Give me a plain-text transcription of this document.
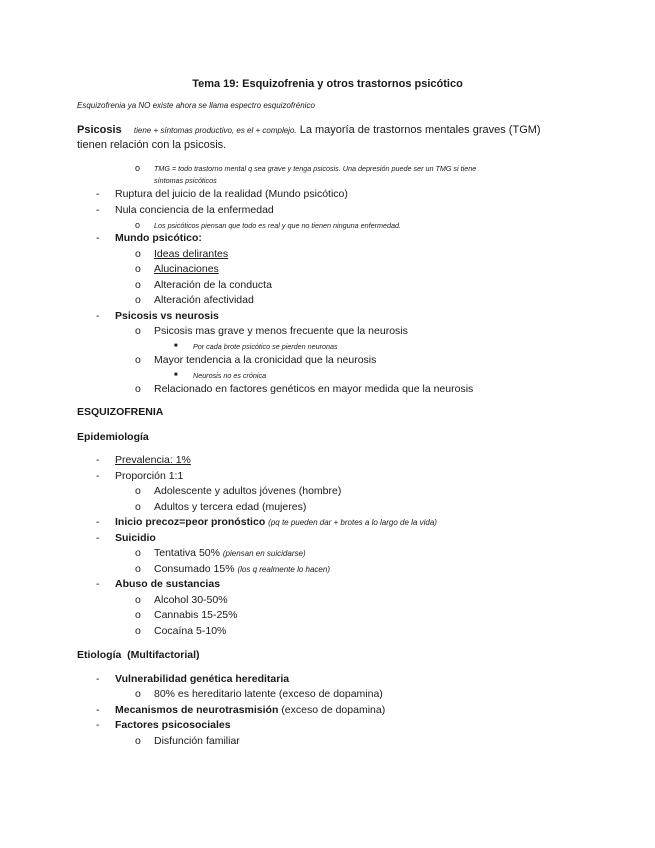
Tema 19: Esquizofrenia y otros trastornos psicótico
Esquizofrenia ya NO existe ahora se llama espectro esquizofrénico
Psicosis tiene + síntomas productivo, es el + complejo. La mayoría de trastornos mentales graves (TGM)
tienen relación con la psicosis.
o TMG = todo trastorno mental q sea grave y tenga psicosis. Una depresión puede ser un TMG si tiene
síntomas psicóticos
- Ruptura del juicio de la realidad (Mundo psicótico)
- Nula conciencia de la enfermedad
o Los psicóticos piensan que todo es real y que no tienen ninguna enfermedad.
- Mundo psicótico:
o Ideas delirantes
o Alucinaciones
o Alteración de la conducta
o Alteración afectividad
- Psicosis vs neurosis
o Psicosis mas grave y menos frecuente que la neurosis
■ Por cada brote psicótico se pierden neuronas
o Mayor tendencia a la cronicidad que la neurosis
■ Neurosis no es crónica
o Relacionado en factores genéticos en mayor medida que la neurosis
ESQUIZOFRENIA
Epidemiología
- Prevalencia: 1%
- Proporción 1:1
o Adolescente y adultos jóvenes (hombre)
o Adultos y tercera edad (mujeres)
- Inicio precoz=peor pronóstico (pq te pueden dar + brotes a lo largo de la vida)
- Suicidio
o Tentativa 50% (piensan en suicidarse)
o Consumado 15% (los q realmente lo hacen)
- Abuso de sustancias
o Alcohol 30-50%
o Cannabis 15-25%
o Cocaína 5-10%
Etiología  (Multifactorial)
- Vulnerabilidad genética hereditaria
o 80% es hereditario latente (exceso de dopamina)
- Mecanismos de neurotrasmisión (exceso de dopamina)
- Factores psicosociales
o Disfunción familiar
